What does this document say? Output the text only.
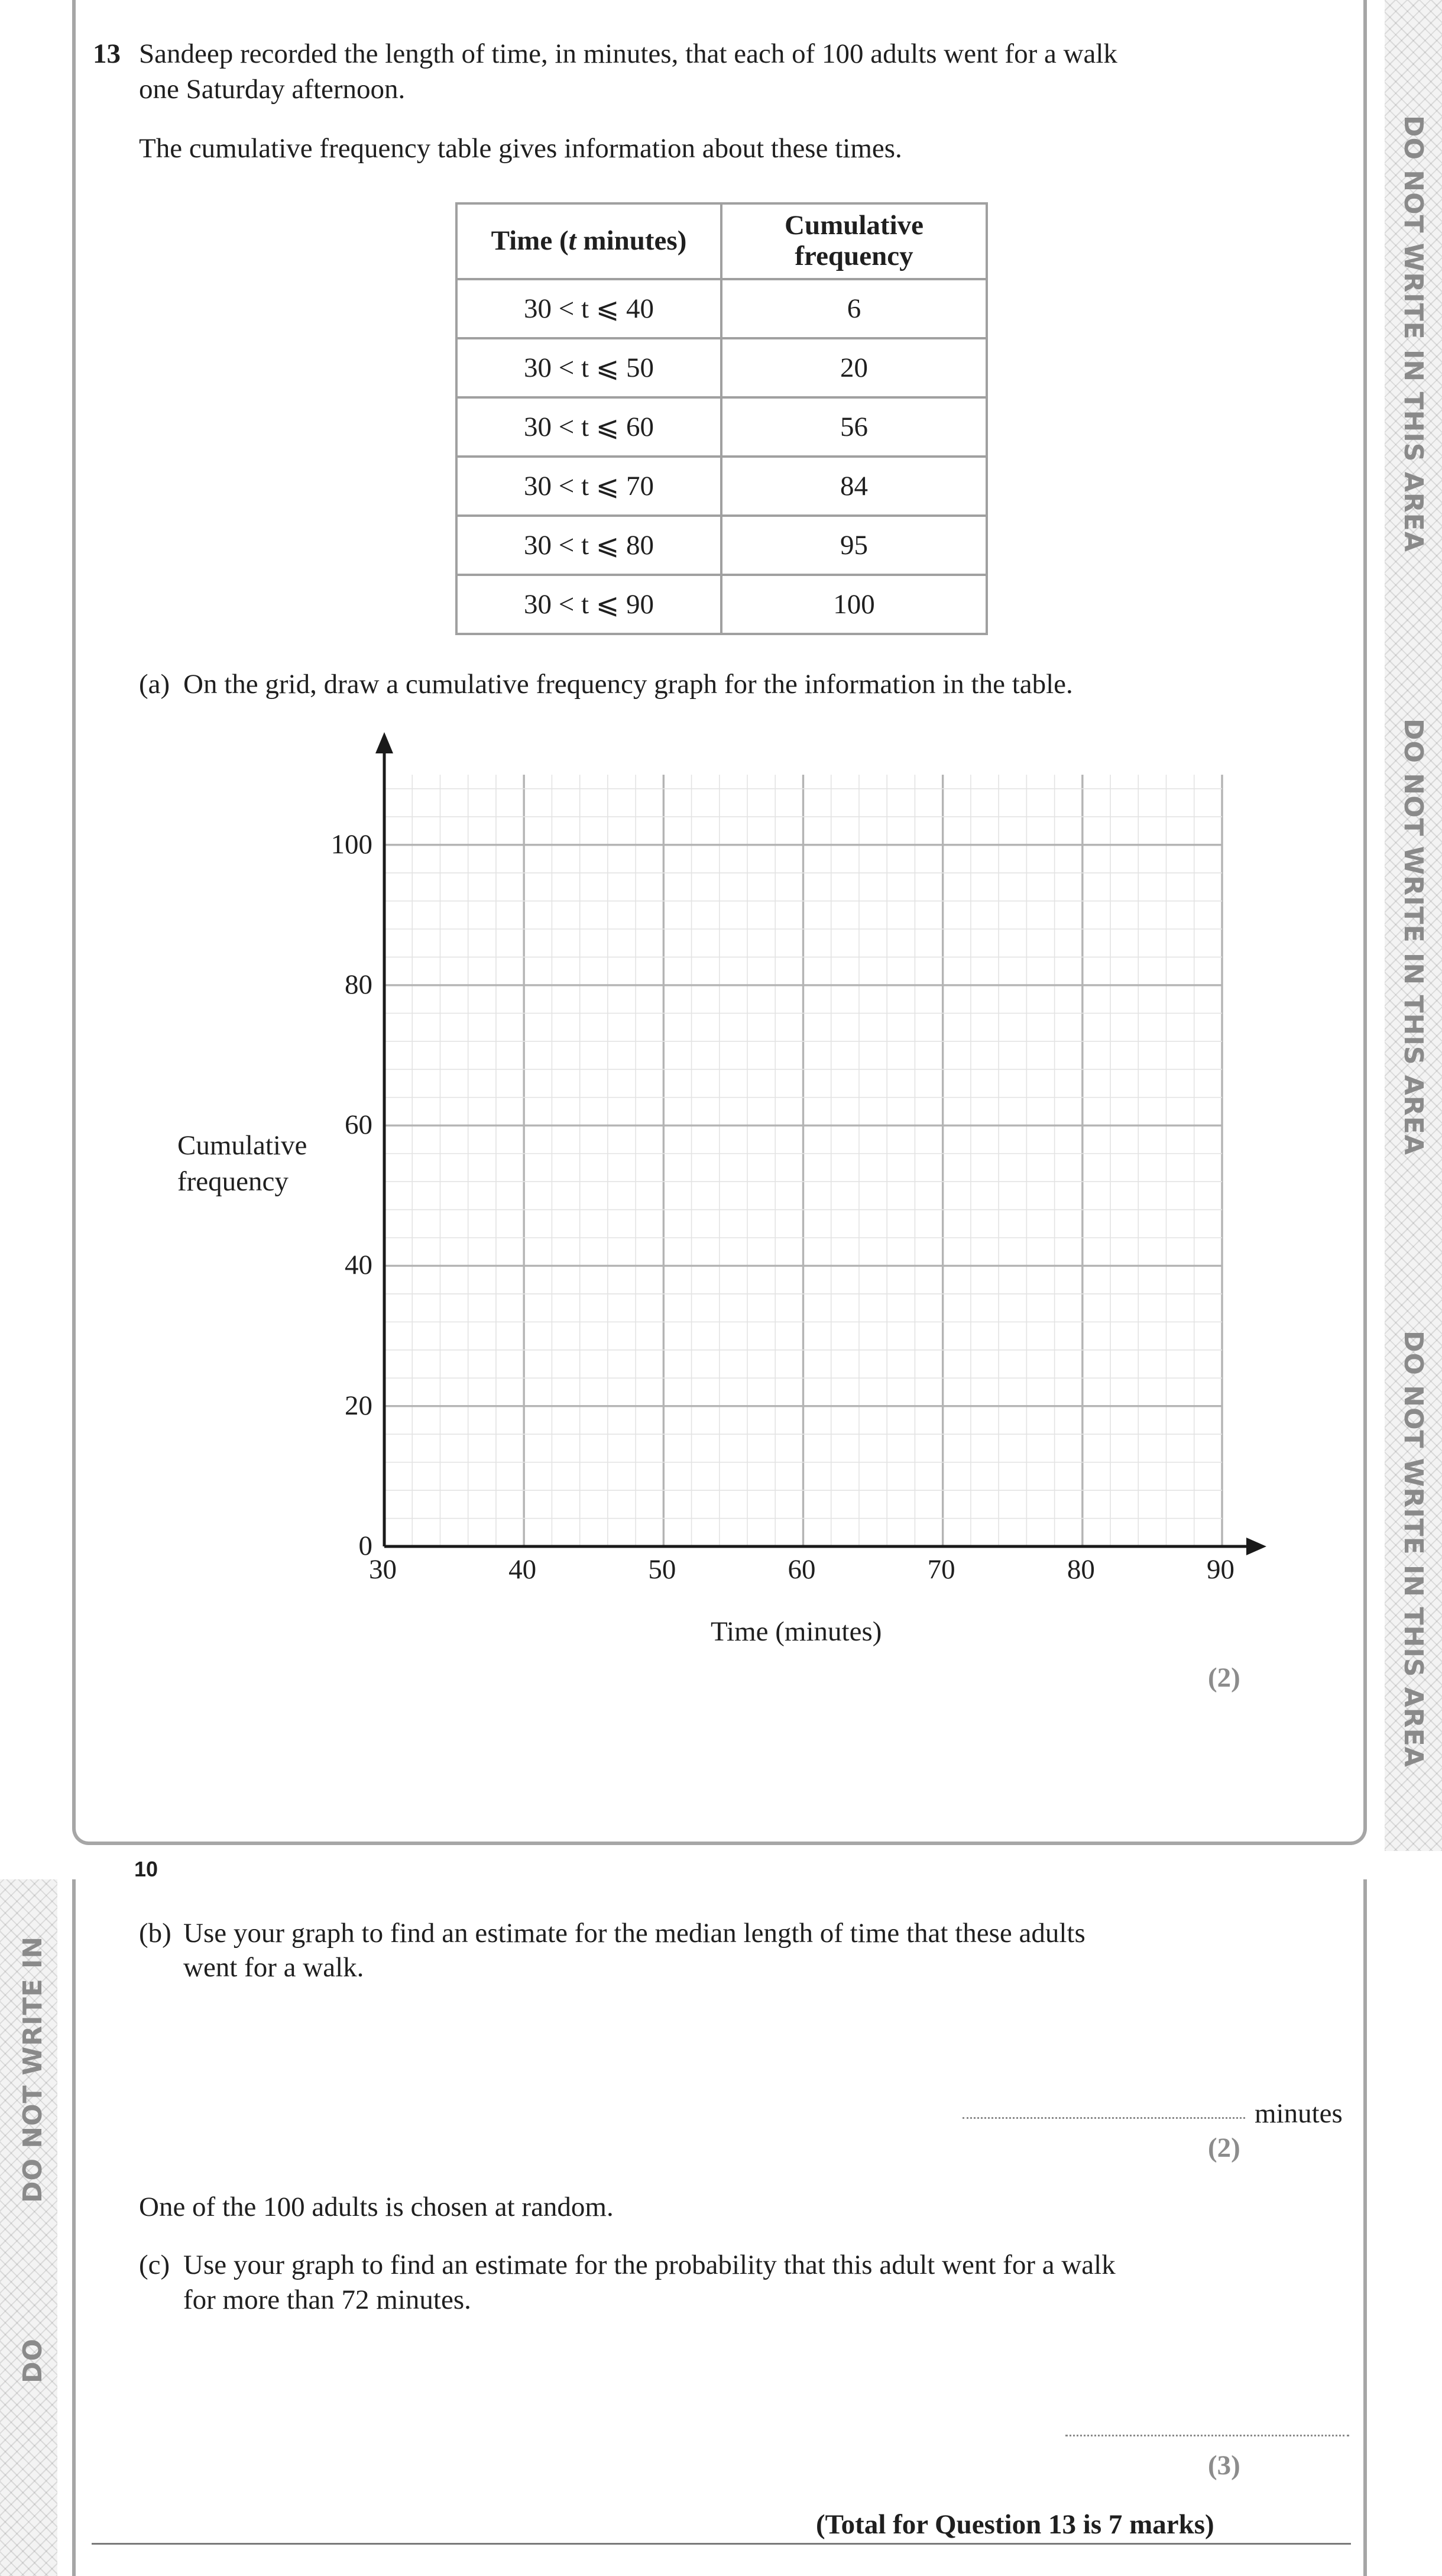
DO NOT WRITE IN THIS AREA
DO NOT WRITE IN THIS AREA
DO NOT WRITE IN THIS AREA
DO NOT WRITE IN
DO
13 Sandeep recorded the length of time, in minutes, that each of 100 adults went for a walk
one Saturday afternoon.
The cumulative frequency table gives information about these times.
Time (t minutes)	Cumulative
frequency
30 < t ⩽ 40	6
30 < t ⩽ 50	20
30 < t ⩽ 60	56
30 < t ⩽ 70	84
30 < t ⩽ 80	95
30 < t ⩽ 90	100
(a) On the grid, draw a cumulative frequency graph for the information in the table.
Cumulative
frequency
Time (minutes)
30	40	50	60	70	80	90
0
20
40
60
80
100
(2)
10
(b) Use your graph to find an estimate for the median length of time that these adults
went for a walk.
minutes
(2)
One of the 100 adults is chosen at random.
(c) Use your graph to find an estimate for the probability that this adult went for a walk
for more than 72 minutes.
(3)
(Total for Question 13 is 7 marks)
